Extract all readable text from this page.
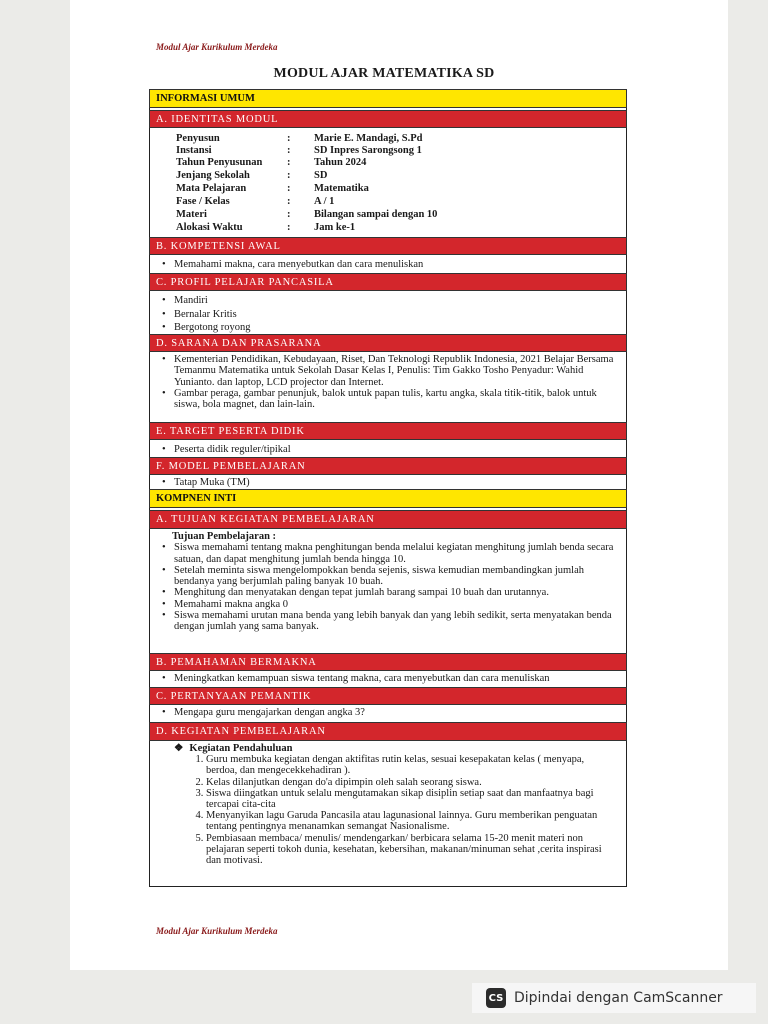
Modul Ajar Kurikulum Merdeka
MODUL AJAR MATEMATIKA SD
INFORMASI UMUM
A. IDENTITAS MODUL
Penyusun	: Marie E. Mandagi, S.Pd
Instansi	: SD Inpres Sarongsong 1
Tahun Penyusunan : Tahun 2024
Jenjang Sekolah	: SD
Mata Pelajaran	: Matematika
Fase / Kelas	: A / 1
Materi	: Bilangan sampai dengan 10
Alokasi Waktu	: Jam ke-1
B. KOMPETENSI AWAL
• Memahami makna, cara menyebutkan dan cara menuliskan
C. PROFIL PELAJAR PANCASILA
• Mandiri
• Bernalar Kritis
• Bergotong royong
D. SARANA DAN PRASARANA
• Kementerian Pendidikan, Kebudayaan, Riset, Dan Teknologi Republik Indonesia, 2021 Belajar Bersama Temanmu Matematika untuk Sekolah Dasar Kelas I, Penulis: Tim Gakko Tosho Penyadur: Wahid Yunianto. dan laptop, LCD projector dan Internet.
• Gambar peraga, gambar penunjuk, balok untuk papan tulis, kartu angka, skala titik-titik, balok untuk siswa, bola magnet, dan lain-lain.
E. TARGET PESERTA DIDIK
• Peserta didik reguler/tipikal
F. MODEL PEMBELAJARAN
• Tatap Muka (TM)
KOMPNEN INTI
A. TUJUAN KEGIATAN PEMBELAJARAN
Tujuan Pembelajaran :
• Siswa memahami tentang makna penghitungan benda melalui kegiatan menghitung jumlah benda secara satuan, dan dapat menghitung jumlah benda hingga 10.
• Setelah meminta siswa mengelompokkan benda sejenis, siswa kemudian membandingkan jumlah bendanya yang berjumlah paling banyak 10 buah.
• Menghitung dan menyatakan dengan tepat jumlah barang sampai 10 buah dan urutannya.
• Memahami makna angka 0
• Siswa memahami urutan mana benda yang lebih banyak dan yang lebih sedikit, serta menyatakan benda dengan jumlah yang sama banyak.
B. PEMAHAMAN BERMAKNA
• Meningkatkan kemampuan siswa tentang makna, cara menyebutkan dan cara menuliskan
C. PERTANYAAN PEMANTIK
• Mengapa guru mengajarkan dengan angka 3?
D. KEGIATAN PEMBELAJARAN
❖ Kegiatan Pendahuluan
1. Guru membuka kegiatan dengan aktifitas rutin kelas, sesuai kesepakatan kelas ( menyapa, berdoa, dan mengecekkehadiran ).
2. Kelas dilanjutkan dengan do'a dipimpin oleh salah seorang siswa.
3. Siswa diingatkan untuk selalu mengutamakan sikap disiplin setiap saat dan manfaatnya bagi tercapai cita-cita
4. Menyanyikan lagu Garuda Pancasila atau lagunasional lainnya. Guru memberikan penguatan tentang pentingnya menanamkan semangat Nasionalisme.
5. Pembiasaan membaca/ menulis/ mendengarkan/ berbicara selama 15-20 menit materi non pelajaran seperti tokoh dunia, kesehatan, kebersihan, makanan/minuman sehat ,cerita inspirasi dan motivasi.
Modul Ajar Kurikulum Merdeka
CS Dipindai dengan CamScanner
